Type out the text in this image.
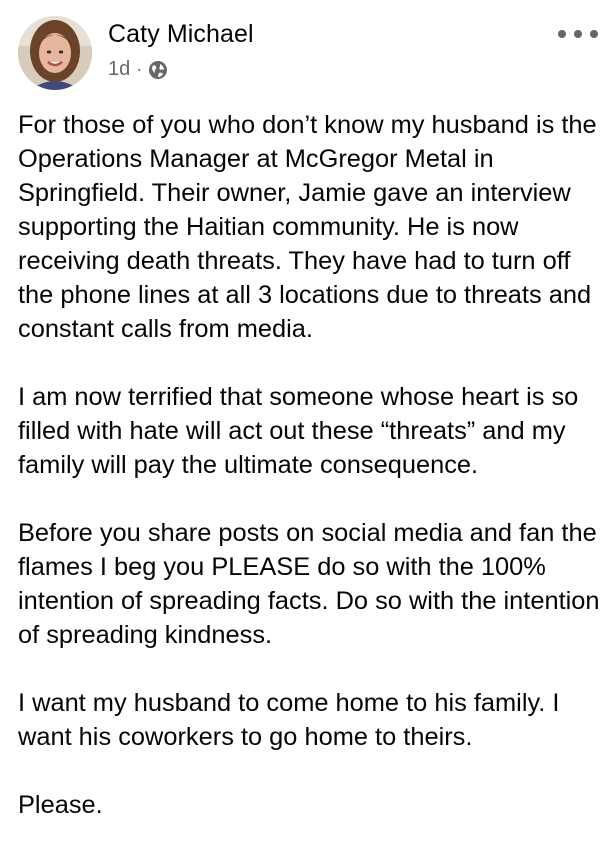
Caty Michael
1d ·

For those of you who don’t know my husband is the Operations Manager at McGregor Metal in Springfield. Their owner, Jamie gave an interview supporting the Haitian community. He is now receiving death threats. They have had to turn off the phone lines at all 3 locations due to threats and constant calls from media.

I am now terrified that someone whose heart is so filled with hate will act out these “threats” and my family will pay the ultimate consequence.

Before you share posts on social media and fan the flames I beg you PLEASE do so with the 100% intention of spreading facts. Do so with the intention of spreading kindness.

I want my husband to come home to his family. I want his coworkers to go home to theirs.

Please.
